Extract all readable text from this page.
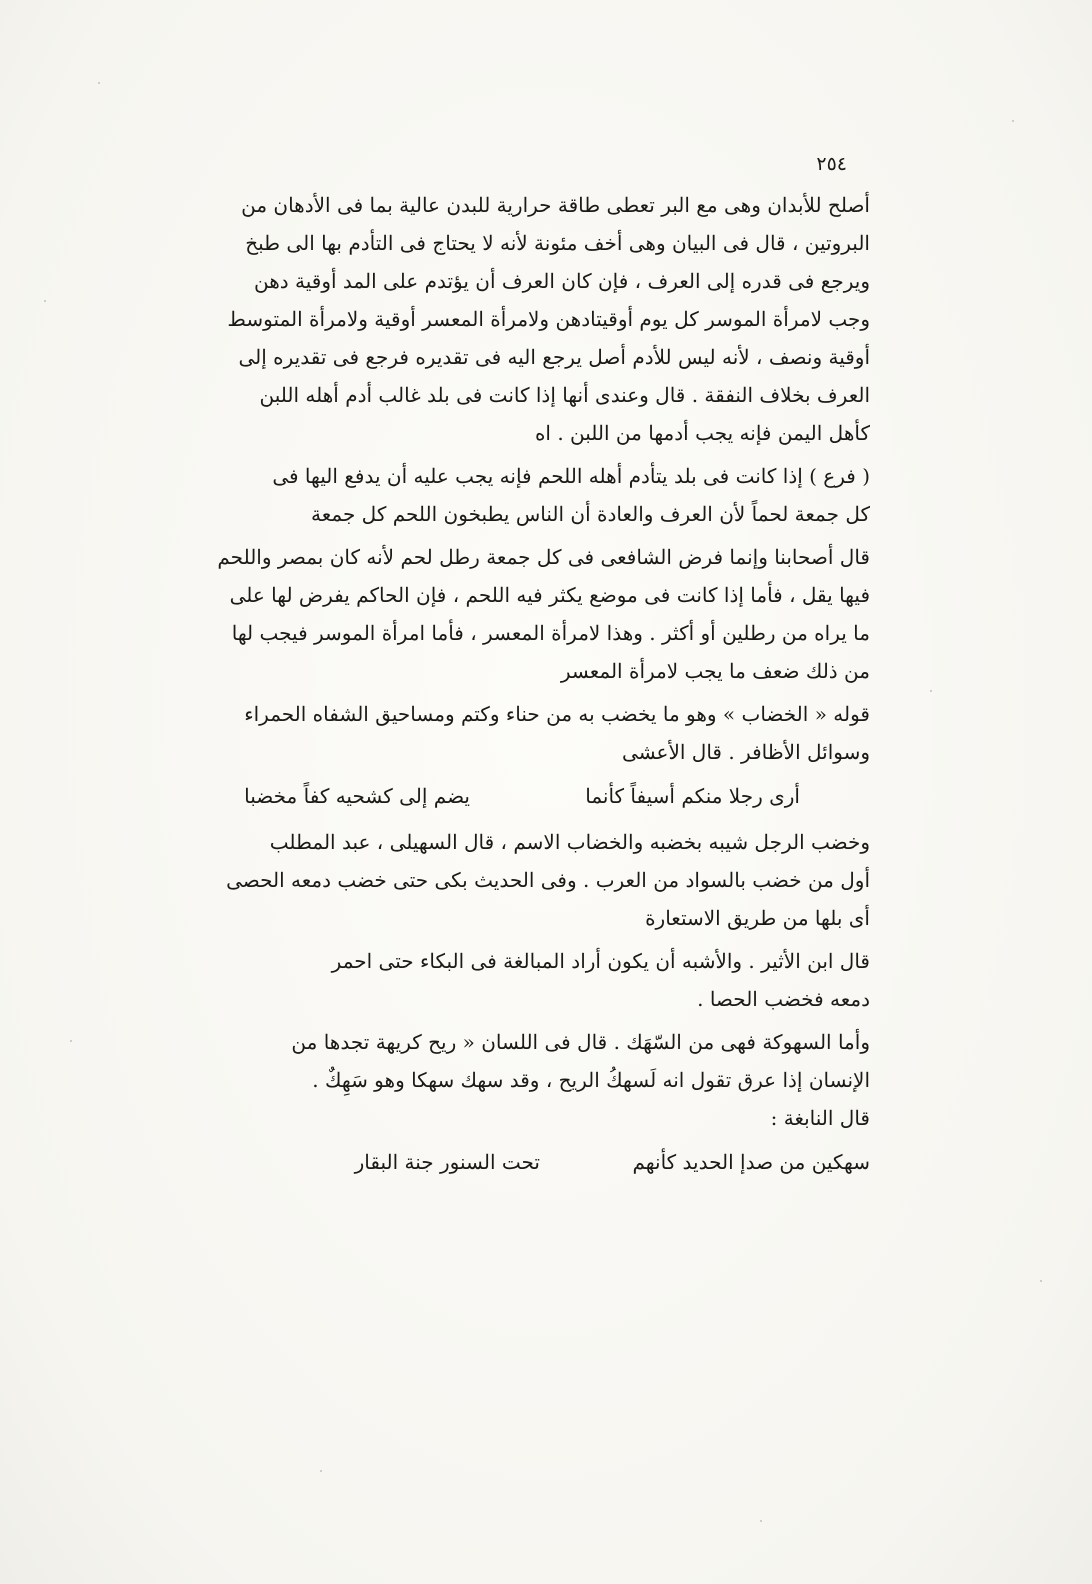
٢٥٤
أصلح للأبدان وهى مع البر تعطى طاقة حرارية للبدن عالية بما فى الأدهان من
البروتين ، قال فى البيان وهى أخف مئونة لأنه لا يحتاج فى التأدم بها الى طبخ
ويرجع فى قدره إلى العرف ، فإن كان العرف أن يؤتدم على المد أوقية دهن
وجب لامرأة الموسر كل يوم أوقيتادهن ولامرأة المعسر أوقية ولامرأة المتوسط
أوقية ونصف ، لأنه ليس للأدم أصل يرجع اليه فى تقديره فرجع فى تقديره إلى
العرف بخلاف النفقة . قال وعندى أنها إذا كانت فى بلد غالب أدم أهله اللبن
كأهل اليمن فإنه يجب أدمها من اللبن . اه
( فرع ) إذا كانت فى بلد يتأدم أهله اللحم فإنه يجب عليه أن يدفع اليها فى
كل جمعة لحماً لأن العرف والعادة أن الناس يطبخون اللحم كل جمعة
قال أصحابنا وإنما فرض الشافعى فى كل جمعة رطل لحم لأنه كان بمصر واللحم
فيها يقل ، فأما إذا كانت فى موضع يكثر فيه اللحم ، فإن الحاكم يفرض لها على
ما يراه من رطلين أو أكثر . وهذا لامرأة المعسر ، فأما امرأة الموسر فيجب لها
من ذلك ضعف ما يجب لامرأة المعسر
قوله « الخضاب » وهو ما يخضب به من حناء وكتم ومساحيق الشفاه الحمراء
وسوائل الأظافر . قال الأعشى
أرى رجلا منكم أسيفاً كأنما
يضم إلى كشحيه كفاً مخضبا
وخضب الرجل شيبه بخضبه والخضاب الاسم ، قال السهيلى ، عبد المطلب
أول من خضب بالسواد من العرب . وفى الحديث بكى حتى خضب دمعه الحصى
أى بلها من طريق الاستعارة
قال ابن الأثير . والأشبه أن يكون أراد المبالغة فى البكاء حتى احمر
دمعه فخضب الحصا .
وأما السهوكة فهى من السّهَك . قال فى اللسان « ريح كريهة تجدها من
الإنسان إذا عرق تقول انه لَسهكُ الريح ، وقد سهك سهكا وهو سَهِكٌ .
قال النابغة :
سهكين من صدإ الحديد كأنهم
تحت السنور جنة البقار
